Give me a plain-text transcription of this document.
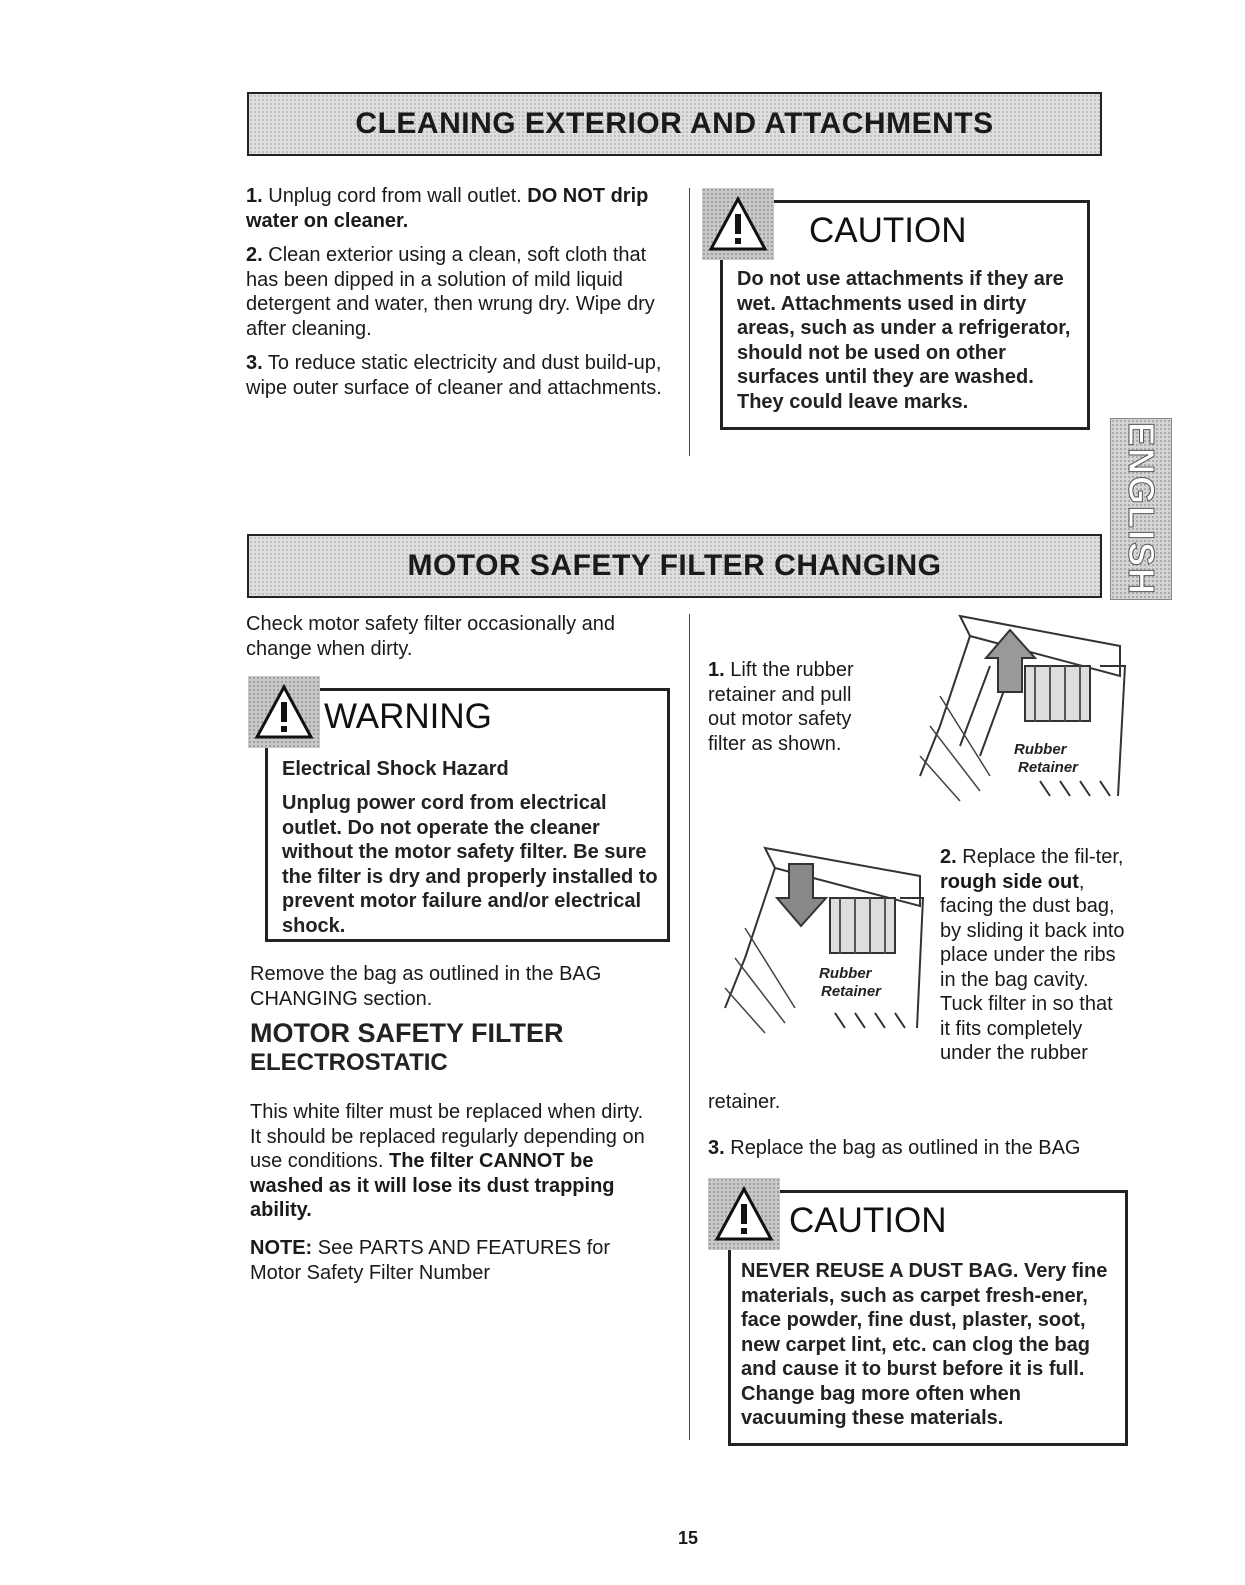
CLEANING EXTERIOR AND ATTACHMENTS

1. Unplug cord from wall outlet. DO NOT drip water on cleaner.

2. Clean exterior using a clean, soft cloth that has been dipped in a solution of mild liquid detergent and water, then wrung dry. Wipe dry after cleaning.

3. To reduce static electricity and dust build-up, wipe outer surface of cleaner and attachments.

CAUTION
Do not use attachments if they are wet. Attachments used in dirty areas, such as under a refrigerator, should not be used on other surfaces until they are washed. They could leave marks.
ENGLISH
MOTOR SAFETY FILTER CHANGING
Check motor safety filter occasionally and change when dirty.
WARNING
Electrical Shock Hazard
Unplug power cord from electrical outlet. Do not operate the cleaner without the motor safety filter. Be sure the filter is dry and properly installed to prevent motor failure and/or electrical shock.
Remove the bag as outlined in the BAG CHANGING section.
MOTOR SAFETY FILTER
ELECTROSTATIC

This white filter must be replaced when dirty. It should be replaced regularly depending on use conditions. The filter CANNOT be washed as it will lose its dust trapping ability.

NOTE: See PARTS AND FEATURES for Motor Safety Filter Number

1. Lift the rubber retainer and pull out motor safety filter as shown.	Rubber
Retainer
Rubber
Retainer

2. Replace the fil-ter, rough side out, facing the dust bag, by sliding it back into place under the ribs in the bag cavity. Tuck filter in so that it fits completely under the rubber

retainer.

3. Replace the bag as outlined in the BAG

CAUTION
NEVER REUSE A DUST BAG. Very fine materials, such as carpet fresh-ener, face powder, fine dust, plaster, soot, new carpet lint, etc. can clog the bag and cause it to burst before it is full. Change bag more often when vacuuming these materials.
15
